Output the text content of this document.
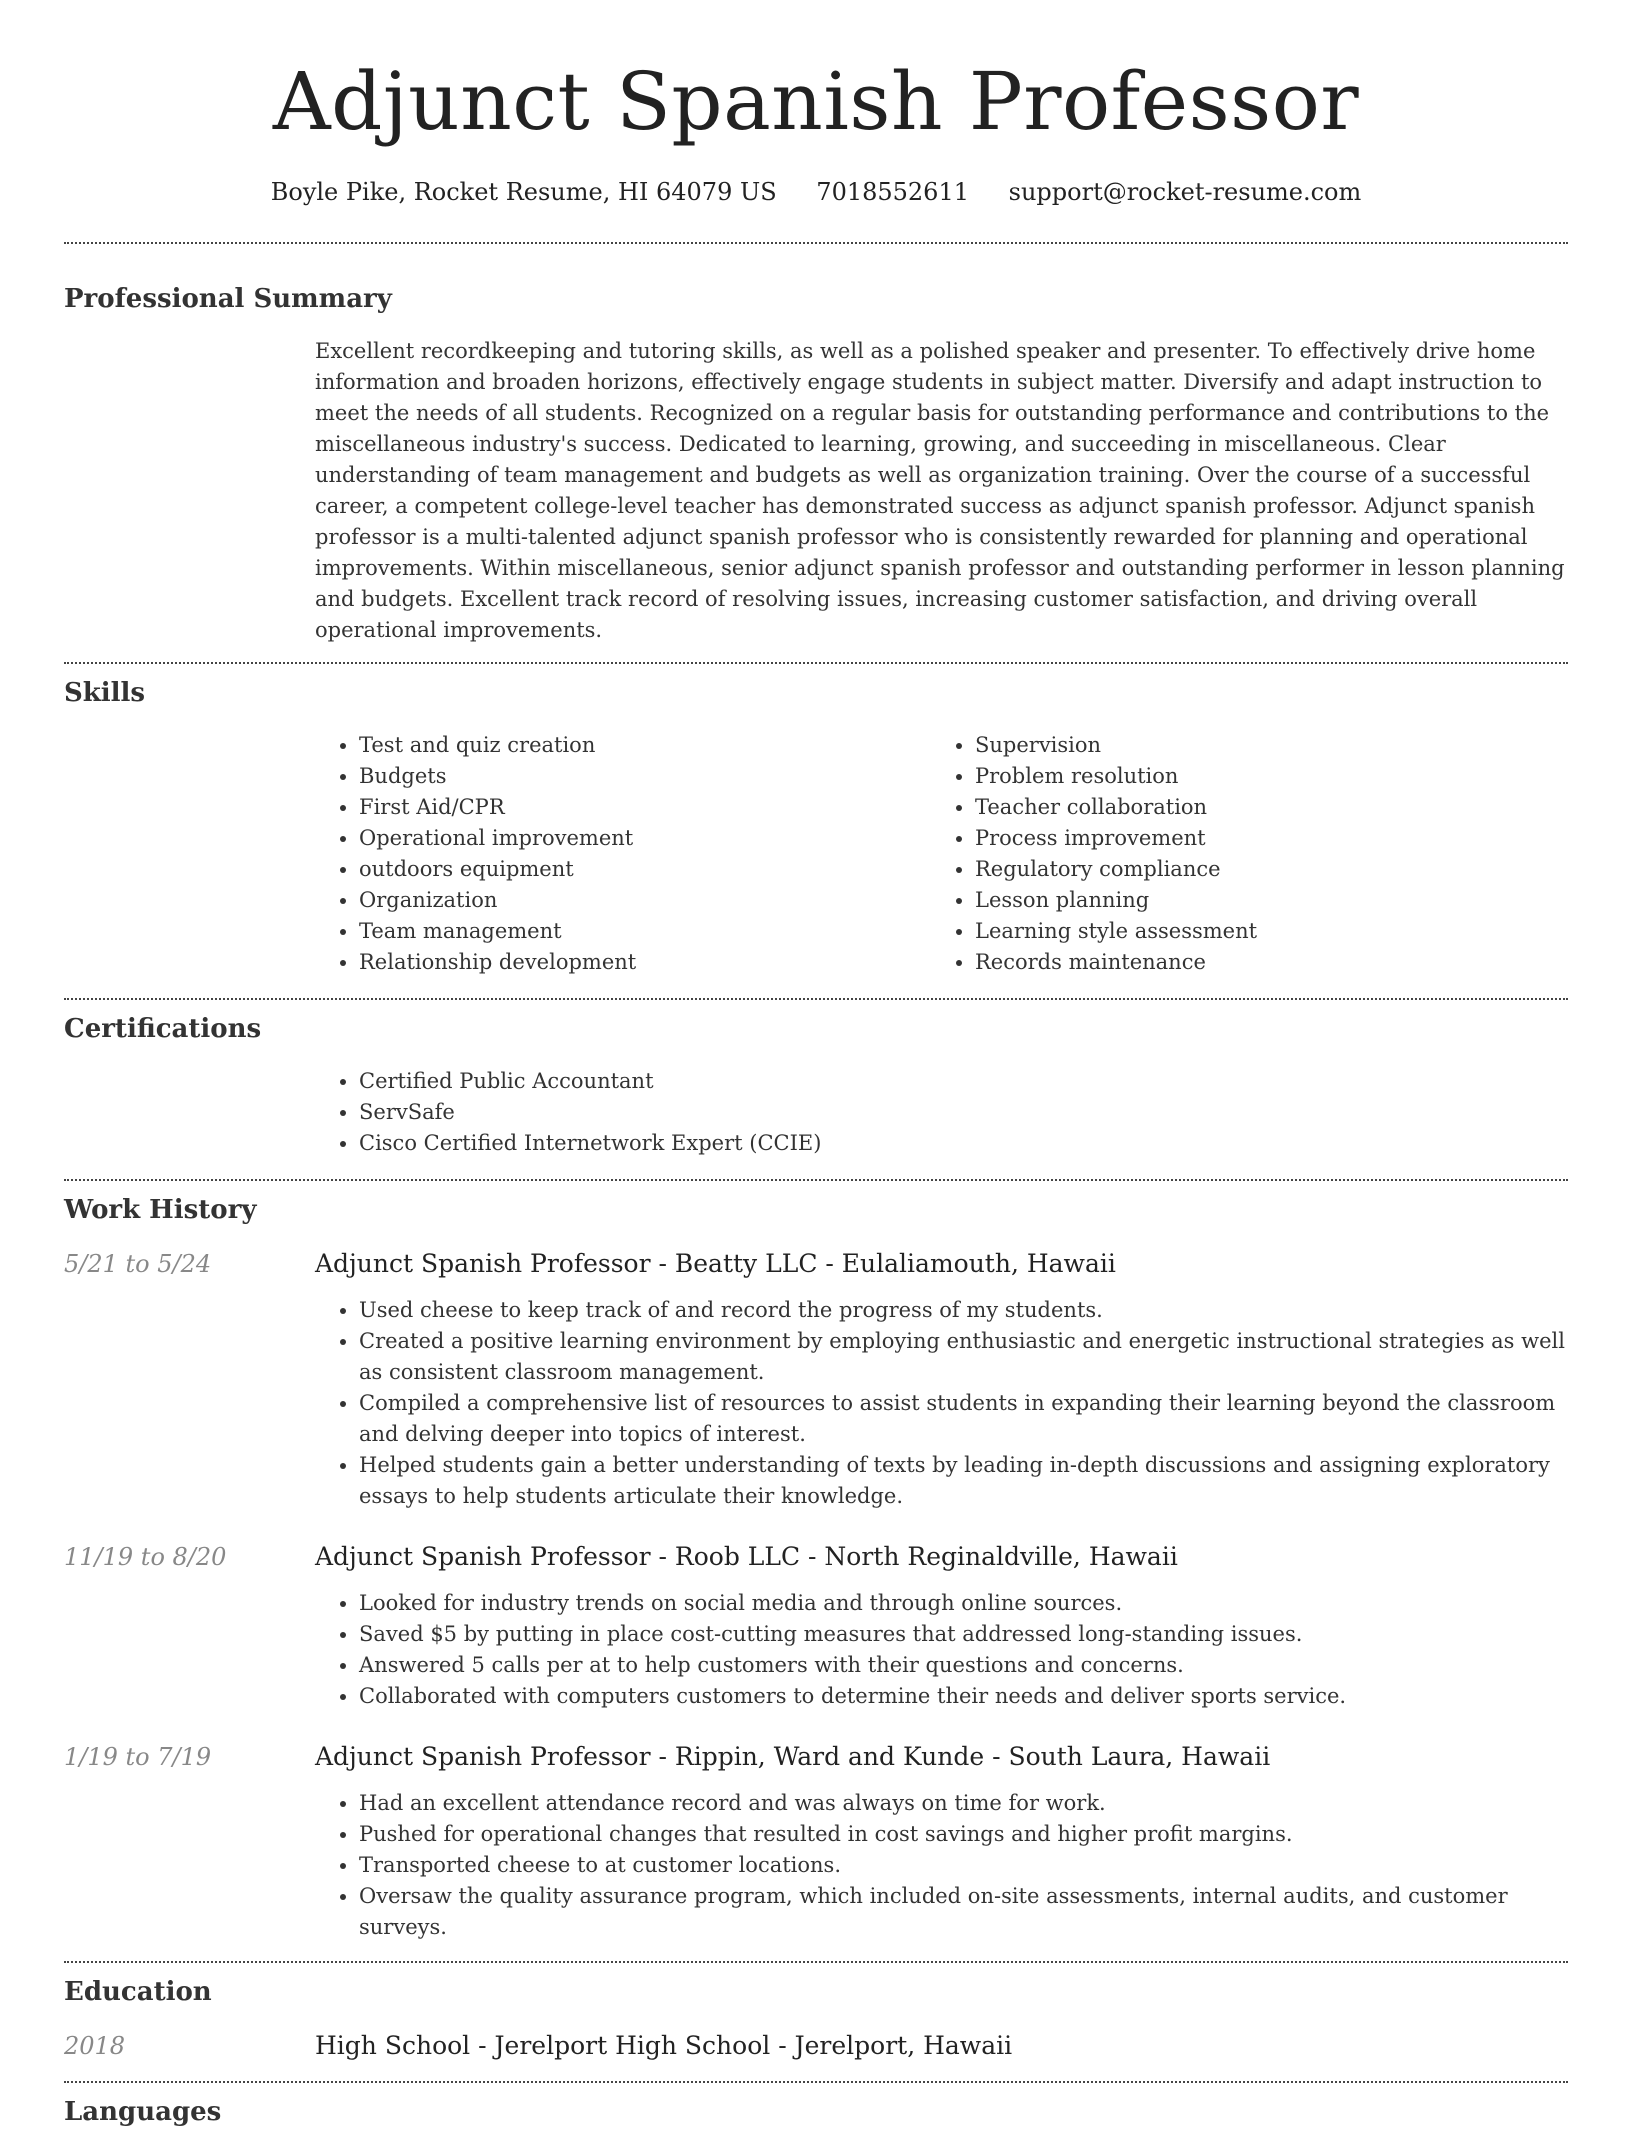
Adjunct Spanish Professor
Boyle Pike, Rocket Resume, HI 64079 US 7018552611 support@rocket-resume.com
Professional Summary

Excellent recordkeeping and tutoring skills, as well as a polished speaker and presenter. To effectively drive home information and broaden horizons, effectively engage students in subject matter. Diversify and adapt instruction to meet the needs of all students. Recognized on a regular basis for outstanding performance and contributions to the miscellaneous industry's success. Dedicated to learning, growing, and succeeding in miscellaneous. Clear understanding of team management and budgets as well as organization training. Over the course of a successful career, a competent college-level teacher has demonstrated success as adjunct spanish professor. Adjunct spanish professor is a multi-talented adjunct spanish professor who is consistently rewarded for planning and operational improvements. Within miscellaneous, senior adjunct spanish professor and outstanding performer in lesson planning and budgets. Excellent track record of resolving issues, increasing customer satisfaction, and driving overall operational improvements.

Skills
• Test and quiz creation
• Budgets
• First Aid/CPR
• Operational improvement
• outdoors equipment
• Organization
• Team management
• Relationship development
• Supervision
• Problem resolution
• Teacher collaboration
• Process improvement
• Regulatory compliance
• Lesson planning
• Learning style assessment
• Records maintenance
Certifications
• Certified Public Accountant
• ServSafe
• Cisco Certified Internetwork Expert (CCIE)
Work History
5/21 to 5/24	Adjunct Spanish Professor - Beatty LLC - Eulaliamouth, Hawaii
• Used cheese to keep track of and record the progress of my students.
• Created a positive learning environment by employing enthusiastic and energetic instructional strategies as well as consistent classroom management.
• Compiled a comprehensive list of resources to assist students in expanding their learning beyond the classroom and delving deeper into topics of interest.
• Helped students gain a better understanding of texts by leading in-depth discussions and assigning exploratory essays to help students articulate their knowledge.
11/19 to 8/20	Adjunct Spanish Professor - Roob LLC - North Reginaldville, Hawaii
• Looked for industry trends on social media and through online sources.
• Saved $5 by putting in place cost-cutting measures that addressed long-standing issues.
• Answered 5 calls per at to help customers with their questions and concerns.
• Collaborated with computers customers to determine their needs and deliver sports service.
1/19 to 7/19	Adjunct Spanish Professor - Rippin, Ward and Kunde - South Laura, Hawaii
• Had an excellent attendance record and was always on time for work.
• Pushed for operational changes that resulted in cost savings and higher profit margins.
• Transported cheese to at customer locations.
• Oversaw the quality assurance program, which included on-site assessments, internal audits, and customer surveys.
Education
2018	High School - Jerelport High School - Jerelport, Hawaii
Languages
